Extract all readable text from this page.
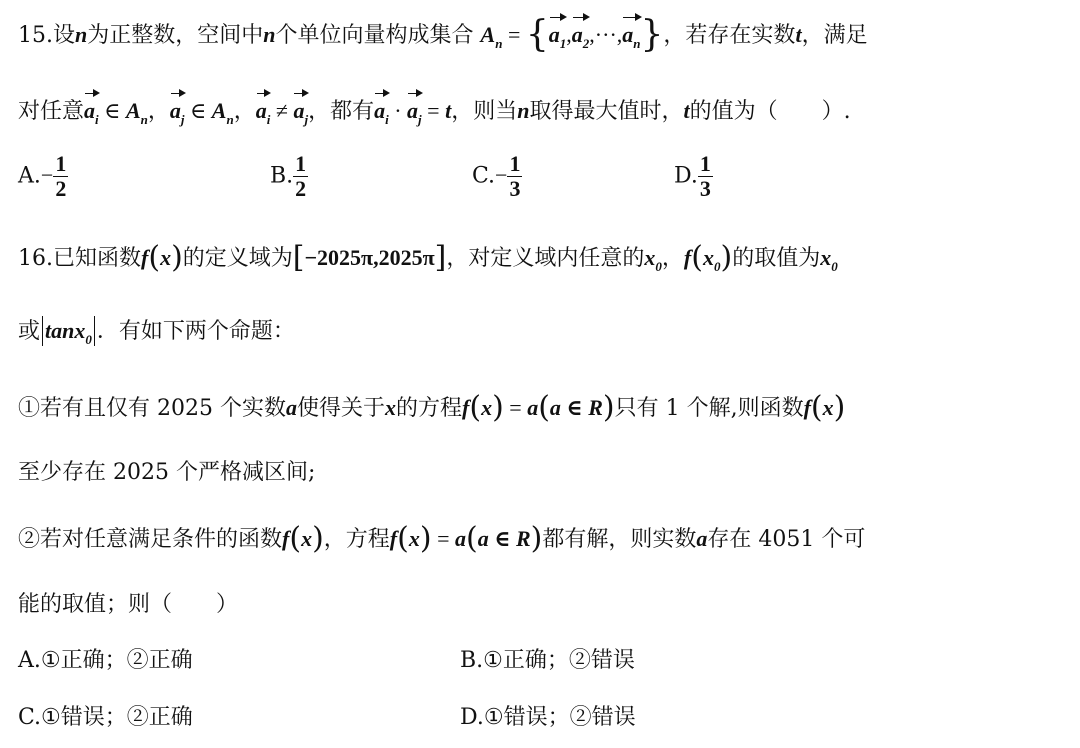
15.设n为正整数，空间中n个单位向量构成集合 $A_n = \{a_1,a_2,\cdot\cdot\cdot,a_n\}$，若存在实数t，满足
对任意$a_i$ ∈ $A_n$，$a_j$ ∈ $A_n$，$a_i \ne a_j$，都有$a_i \cdot a_j = t$，则当n取得最大值时，t的值为（　　）.
$A.- \frac{1}{2}$	B. $\frac{1}{2}$	$C.- \frac{1}{3}$	D. $\frac{1}{3}$
16.已知函数f(x)的定义域为[−2025π,2025π]，对定义域内任意的$x_0$，$f(x_0)$的取值为$x_0$
或 tanx$_0$ ．有如下两个命题：
①若有且仅有 2025 个实数a使得关于x的方程f(x) = a(a ∈ R)只有 1 个解,则函数f(x)
至少存在 2025 个严格减区间;
②若对任意满足条件的函数f(x)，方程f(x) = a(a ∈ R)都有解，则实数a存在 4051 个可
能的取值；则（　　）
A.①正确；②正确	B.①正确；②错误
C.①错误；②正确	D.①错误；②错误
